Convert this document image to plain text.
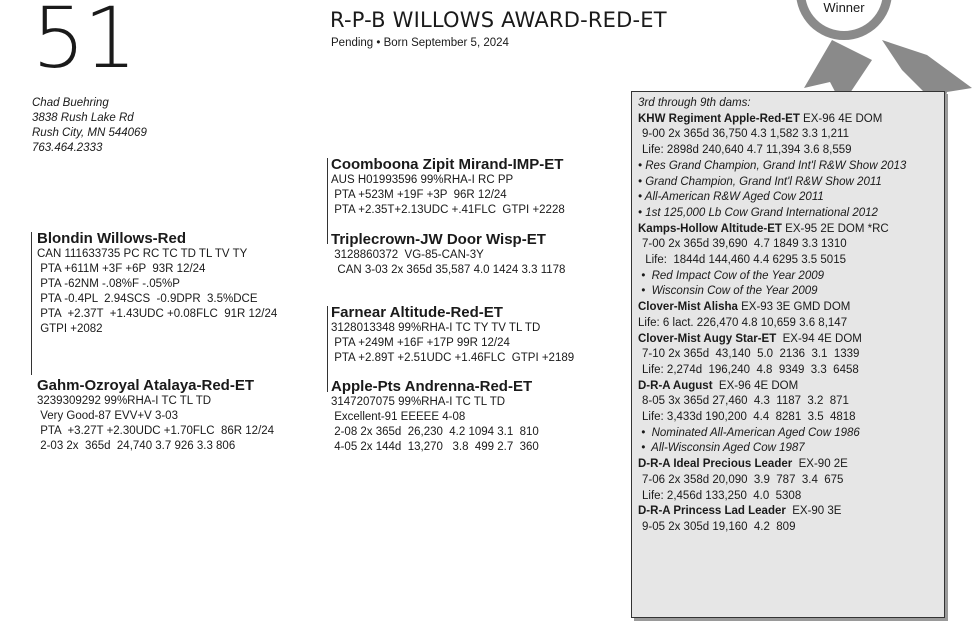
51
Chad Buehring
3838 Rush Lake Rd
Rush City, MN 544069
763.464.2333
R-P-B WILLOWS AWARD-RED-ET
Pending • Born September 5, 2024
Winner
Blondin Willows-Red
CAN 111633735 PC RC TC TD TL TV TY
PTA +611M +3F +6P  93R 12/24
PTA -62NM -.08%F -.05%P
PTA -0.4PL  2.94SCS  -0.9DPR  3.5%DCE
PTA  +2.37T  +1.43UDC +0.08FLC  91R 12/24
GTPI +2082
Gahm-Ozroyal Atalaya-Red-ET
3239309292 99%RHA-I TC TL TD
Very Good-87 EVV+V 3-03
PTA  +3.27T +2.30UDC +1.70FLC  86R 12/24
2-03 2x  365d  24,740 3.7 926 3.3 806
Coomboona Zipit Mirand-IMP-ET
AUS H01993596 99%RHA-I RC PP
PTA +523M +19F +3P  96R 12/24
PTA +2.35T+2.13UDC +.41FLC  GTPI +2228
Triplecrown-JW Door Wisp-ET
3128860372  VG-85-CAN-3Y
CAN 3-03 2x 365d 35,587 4.0 1424 3.3 1178
Farnear Altitude-Red-ET
3128013348 99%RHA-I TC TY TV TL TD
PTA +249M +16F +17P 99R 12/24
PTA +2.89T +2.51UDC +1.46FLC  GTPI +2189
Apple-Pts Andrenna-Red-ET
3147207075 99%RHA-I TC TL TD
Excellent-91 EEEEE 4-08
2-08 2x 365d  26,230  4.2 1094 3.1  810
4-05 2x 144d  13,270   3.8  499 2.7  360
3rd through 9th dams:
KHW Regiment Apple-Red-ET EX-96 4E DOM
9-00 2x 365d 36,750 4.3 1,582 3.3 1,211
Life: 2898d 240,640 4.7 11,394 3.6 8,559
• Res Grand Champion, Grand Int'l R&W Show 2013
• Grand Champion, Grand Int'l R&W Show 2011
• All-American R&W Aged Cow 2011
• 1st 125,000 Lb Cow Grand International 2012
Kamps-Hollow Altitude-ET EX-95 2E DOM *RC
7-00 2x 365d 39,690  4.7 1849 3.3 1310
Life:  1844d 144,460 4.4 6295 3.5 5015
•  Red Impact Cow of the Year 2009
•  Wisconsin Cow of the Year 2009
Clover-Mist Alisha EX-93 3E GMD DOM
Life: 6 lact. 226,470 4.8 10,659 3.6 8,147
Clover-Mist Augy Star-ET  EX-94 4E DOM
7-10 2x 365d  43,140  5.0  2136  3.1  1339
Life: 2,274d  196,240  4.8  9349  3.3  6458
D-R-A August  EX-96 4E DOM
8-05 3x 365d 27,460  4.3  1187  3.2  871
Life: 3,433d 190,200  4.4  8281  3.5  4818
•  Nominated All-American Aged Cow 1986
•  All-Wisconsin Aged Cow 1987
D-R-A Ideal Precious Leader  EX-90 2E
7-06 2x 358d 20,090  3.9  787  3.4  675
Life: 2,456d 133,250  4.0  5308
D-R-A Princess Lad Leader  EX-90 3E
9-05 2x 305d 19,160  4.2  809
